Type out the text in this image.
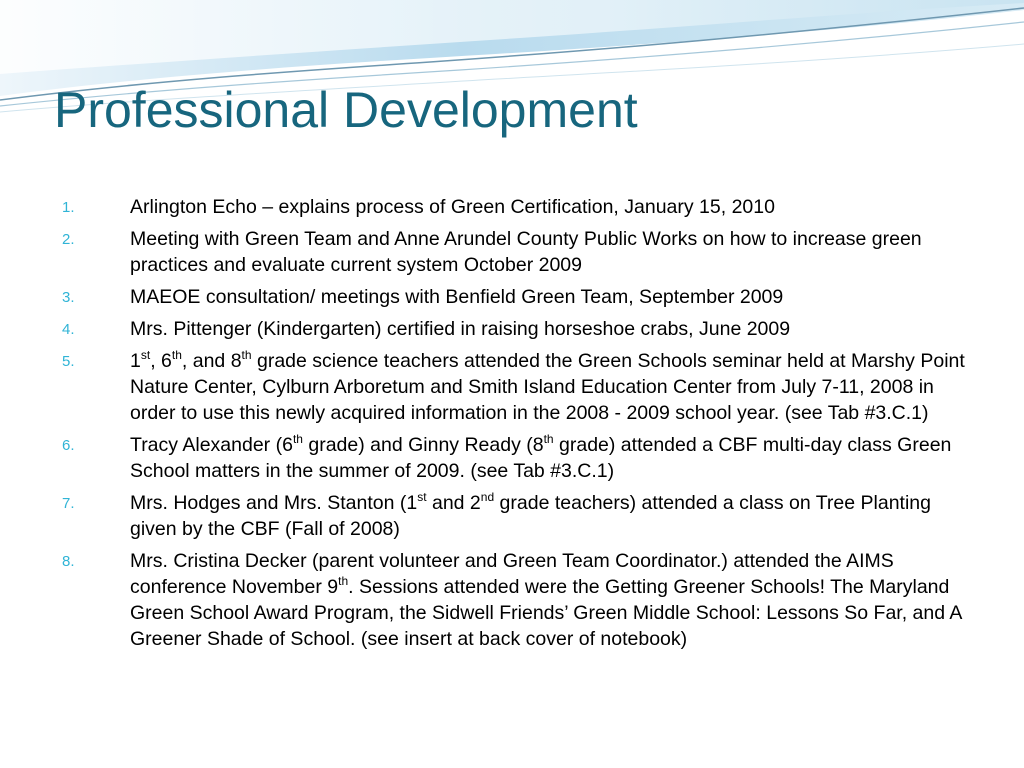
Professional Development
1.	Arlington Echo – explains process of Green Certification, January 15, 2010
2.	Meeting with Green Team and Anne Arundel County Public Works on how to increase green practices and evaluate current system October 2009
3.	MAEOE consultation/ meetings with Benfield Green Team, September 2009
4.	Mrs. Pittenger (Kindergarten) certified in raising horseshoe crabs, June 2009
5.	1st, 6th, and 8th grade science teachers attended the Green Schools seminar held at Marshy Point Nature Center, Cylburn Arboretum and Smith Island Education Center from July 7-11, 2008 in order to use this newly acquired information in the 2008 - 2009 school year. (see Tab #3.C.1)
6.	Tracy Alexander (6th grade) and Ginny Ready (8th grade) attended a CBF multi-day class Green School matters in the summer of 2009. (see Tab #3.C.1)
7.	Mrs. Hodges and Mrs. Stanton (1st and 2nd grade teachers) attended a class on Tree Planting given by the CBF (Fall of 2008)
8.	Mrs. Cristina Decker (parent volunteer and Green Team Coordinator.) attended the AIMS conference November 9th. Sessions attended were the Getting Greener Schools! The Maryland Green School Award Program, the Sidwell Friends’ Green Middle School: Lessons So Far, and A Greener Shade of School. (see insert at back cover of notebook)
